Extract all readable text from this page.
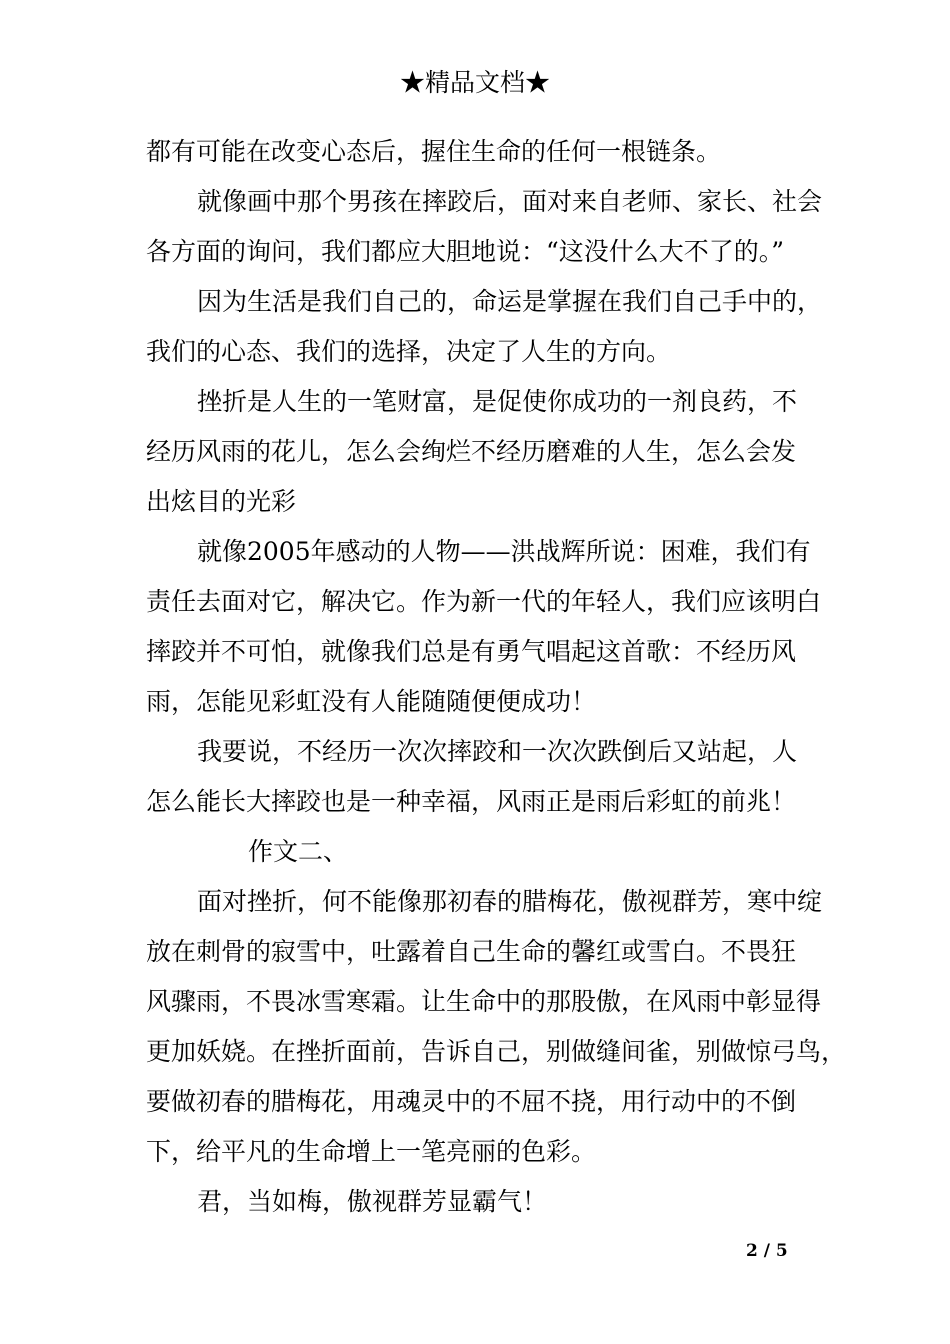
★精品文档★
都有可能在改变心态后，握住生命的任何一根链条。
就像画中那个男孩在摔跤后，面对来自老师、家长、社会
各方面的询问，我们都应大胆地说：“这没什么大不了的。”
因为生活是我们自己的，命运是掌握在我们自己手中的，
我们的心态、我们的选择，决定了人生的方向。
挫折是人生的一笔财富，是促使你成功的一剂良药，不
经历风雨的花儿，怎么会绚烂不经历磨难的人生，怎么会发
出炫目的光彩
就像2005年感动的人物——洪战辉所说：困难，我们有
责任去面对它，解决它。作为新一代的年轻人，我们应该明白
摔跤并不可怕，就像我们总是有勇气唱起这首歌：不经历风
雨，怎能见彩虹没有人能随随便便成功！
我要说，不经历一次次摔跤和一次次跌倒后又站起，人
怎么能长大摔跤也是一种幸福，风雨正是雨后彩虹的前兆！
作文二、
面对挫折，何不能像那初春的腊梅花，傲视群芳，寒中绽
放在刺骨的寂雪中，吐露着自己生命的馨红或雪白。不畏狂
风骤雨，不畏冰雪寒霜。让生命中的那股傲，在风雨中彰显得
更加妖娆。在挫折面前，告诉自己，别做缝间雀，别做惊弓鸟，
要做初春的腊梅花，用魂灵中的不屈不挠，用行动中的不倒
下，给平凡的生命增上一笔亮丽的色彩。
君，当如梅，傲视群芳显霸气！
2 / 5
